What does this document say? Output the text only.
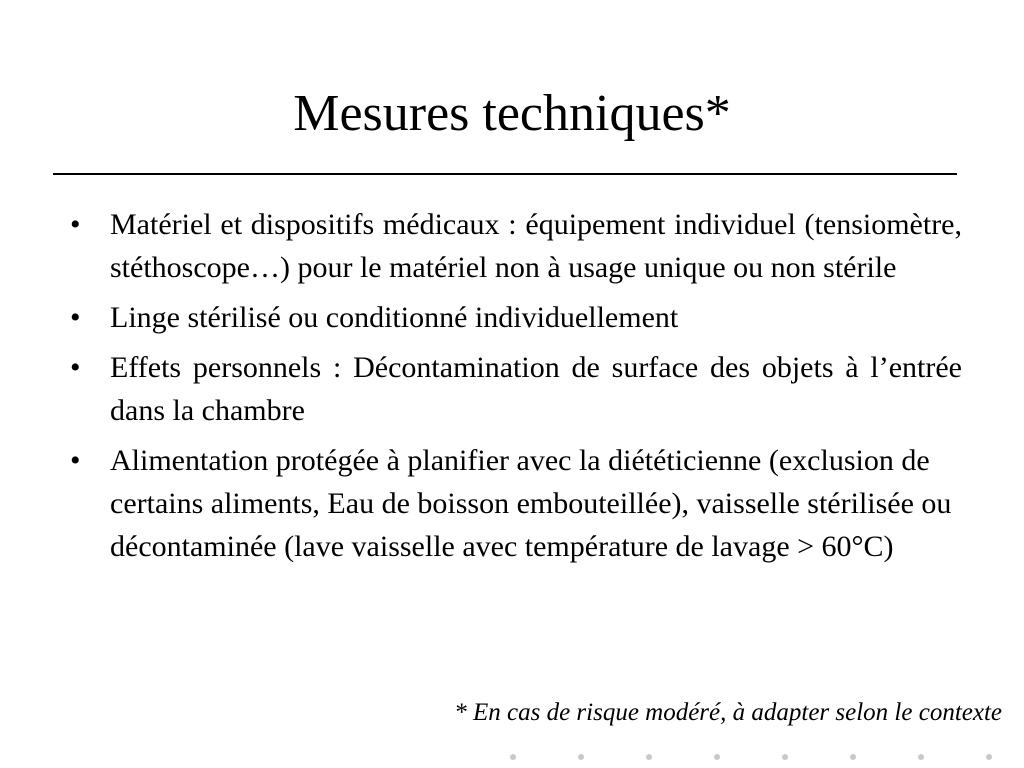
Mesures techniques*
• Matériel et dispositifs médicaux : équipement individuel (tensiomètre, stéthoscope…) pour le matériel non à usage unique ou non stérile
• Linge stérilisé ou conditionné individuellement
• Effets personnels : Décontamination de surface des objets à l’entrée dans la chambre
• Alimentation protégée à planifier avec la diététicienne (exclusion de certains aliments, Eau de boisson embouteillée), vaisselle stérilisée ou décontaminée (lave vaisselle avec température de lavage > 60°C)
* En cas de risque modéré, à adapter selon le contexte
